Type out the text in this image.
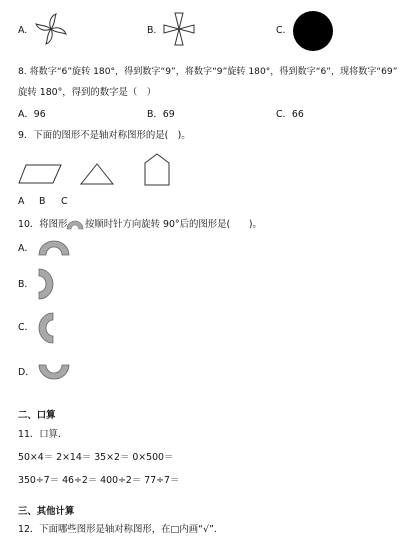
A.	B.	C.
8. 将数字“6”旋转 180°，得到数字“9”，将数字“9”旋转 180°，得到数字“6”，现将数字“69”
旋转 180°，得到的数字是（　）
A．96	B．69	C．66
9．下面的图形不是轴对称图形的是(　)。
A B C
10．将图形 按顺时针方向旋转 90°后的图形是(　　)。
A．
B．
C．
D．
二、口算
11．口算．
50×4＝ 2×14＝ 35×2＝ 0×500＝
350÷7＝ 46÷2＝ 400÷2＝ 77÷7＝
三、其他计算
12．下面哪些图形是轴对称图形，在□内画“√”.
